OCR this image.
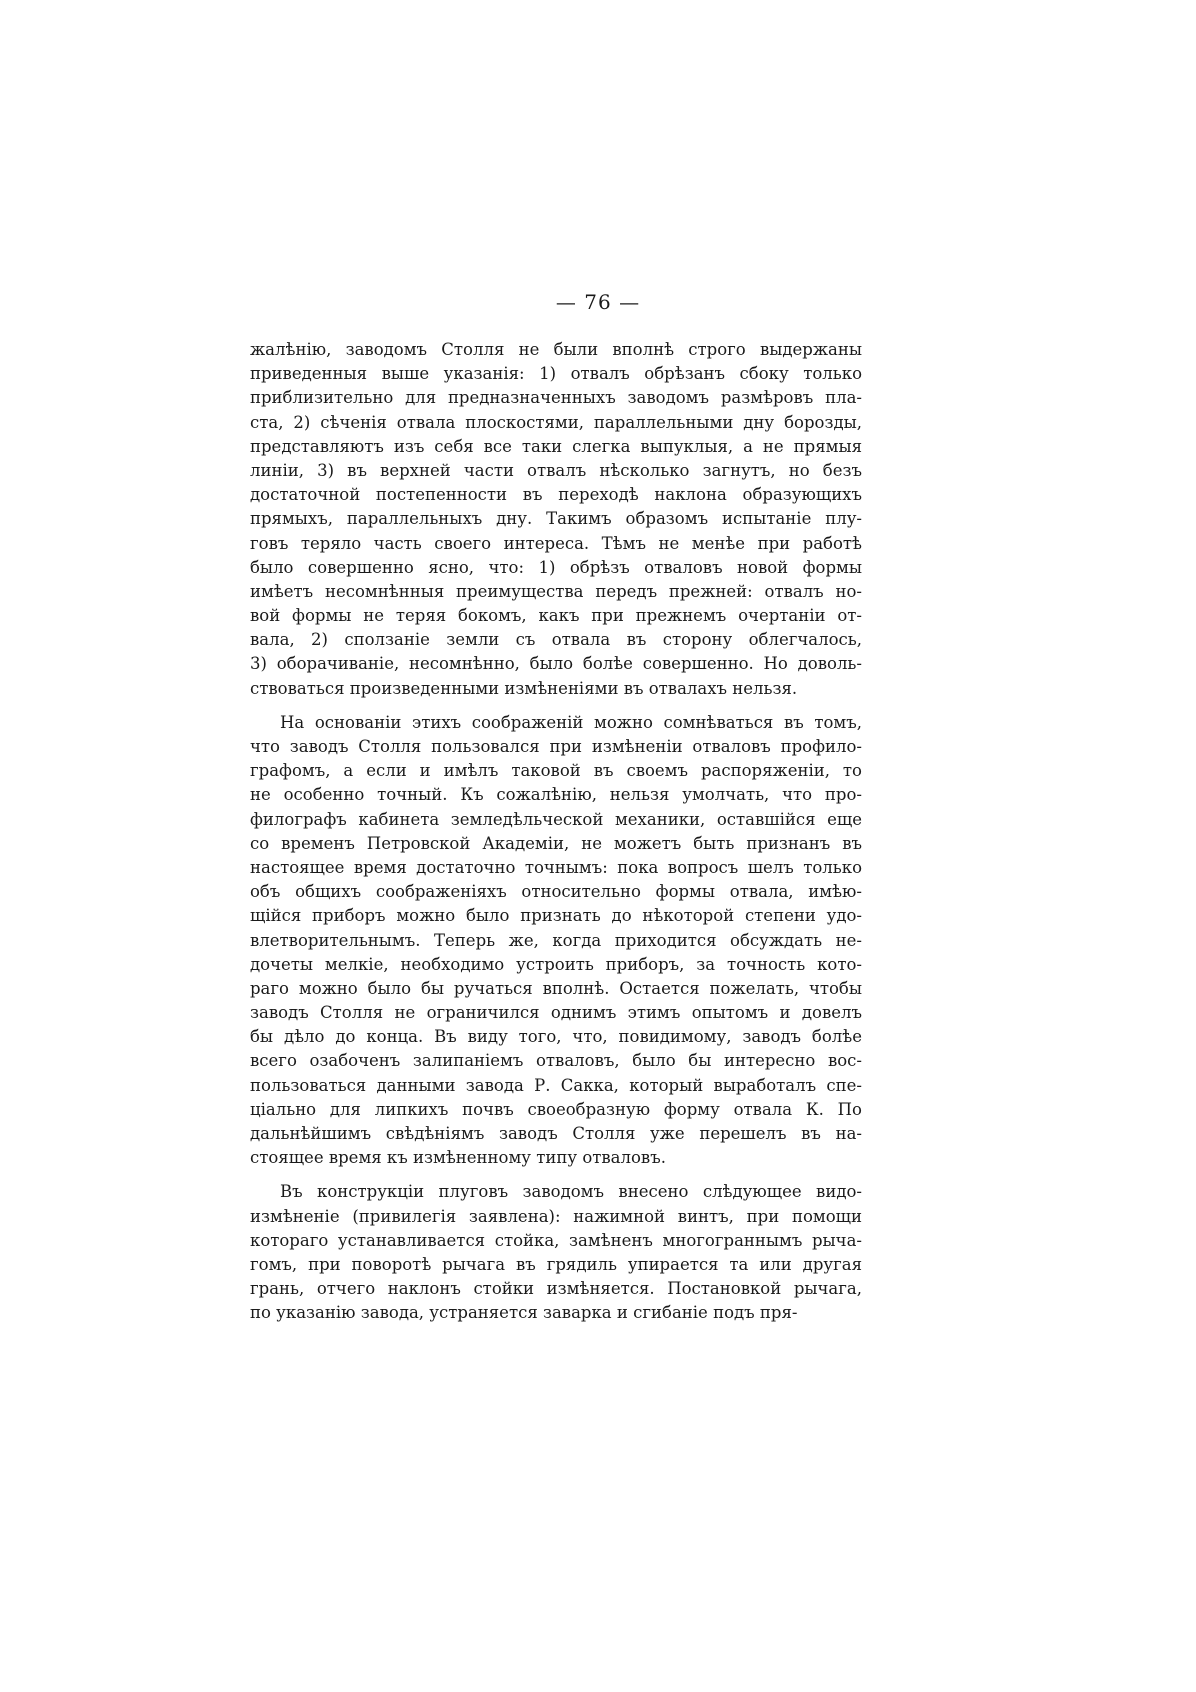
— 76 —
жалѣнію, заводомъ Столля не были вполнѣ строго выдержаны
приведенныя выше указанія: 1) отвалъ обрѣзанъ сбоку только
приблизительно для предназначенныхъ заводомъ размѣровъ пла-
ста, 2) сѣченія отвала плоскостями, параллельными дну борозды,
представляютъ изъ себя все таки слегка выпуклыя, а не прямыя
линіи, 3) въ верхней части отвалъ нѣсколько загнутъ, но безъ
достаточной постепенности въ переходѣ наклона образующихъ
прямыхъ, параллельныхъ дну. Такимъ образомъ испытаніе плу-
говъ теряло часть своего интереса. Тѣмъ не менѣе при работѣ
было совершенно ясно, что: 1) обрѣзъ отваловъ новой формы
имѣетъ несомнѣнныя преимущества передъ прежней: отвалъ но-
вой формы не теряя бокомъ, какъ при прежнемъ очертаніи от-
вала, 2) сползаніе земли съ отвала въ сторону облегчалось,
3) оборачиваніе, несомнѣнно, было болѣе совершенно. Но доволь-
ствоваться произведенными измѣненіями въ отвалахъ нельзя.
На основаніи этихъ соображеній можно сомнѣваться въ томъ,
что заводъ Столля пользовался при измѣненіи отваловъ профило-
графомъ, а если и имѣлъ таковой въ своемъ распоряженіи, то
не особенно точный. Къ сожалѣнію, нельзя умолчать, что про-
филографъ кабинета земледѣльческой механики, оставшійся еще
со временъ Петровской Академіи, не можетъ быть признанъ въ
настоящее время достаточно точнымъ: пока вопросъ шелъ только
объ общихъ соображеніяхъ относительно формы отвала, имѣю-
щійся приборъ можно было признать до нѣкоторой степени удо-
влетворительнымъ. Теперь же, когда приходится обсуждать не-
дочеты мелкіе, необходимо устроить приборъ, за точность кото-
раго можно было бы ручаться вполнѣ. Остается пожелать, чтобы
заводъ Столля не ограничился однимъ этимъ опытомъ и довелъ
бы дѣло до конца. Въ виду того, что, повидимому, заводъ болѣе
всего озабоченъ залипаніемъ отваловъ, было бы интересно вос-
пользоваться данными завода Р. Сакка, который выработалъ спе-
ціально для липкихъ почвъ своеобразную форму отвала К. По
дальнѣйшимъ свѣдѣніямъ заводъ Столля уже перешелъ въ на-
стоящее время къ измѣненному типу отваловъ.
Въ конструкціи плуговъ заводомъ внесено слѣдующее видо-
измѣненіе (привилегія заявлена): нажимной винтъ, при помощи
котораго устанавливается стойка, замѣненъ многограннымъ рыча-
гомъ, при поворотѣ рычага въ грядиль упирается та или другая
грань, отчего наклонъ стойки измѣняется. Постановкой рычага,
по указанію завода, устраняется заварка и сгибаніе подъ пря-
